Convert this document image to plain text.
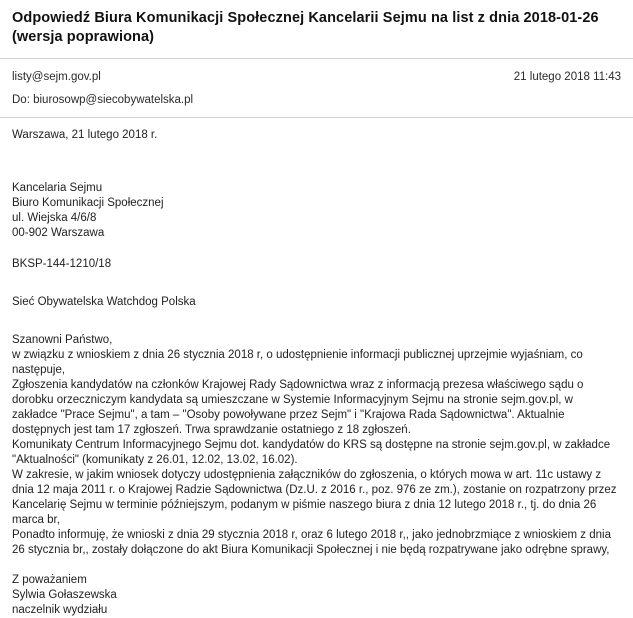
Odpowiedź Biura Komunikacji Społecznej Kancelarii Sejmu na list z dnia 2018-01-26 (wersja poprawiona)
listy@sejm.gov.pl	21 lutego 2018 11:43
Do: biurosowp@siecobywatelska.pl
Warszawa, 21 lutego 2018 r.
Kancelaria Sejmu
Biuro Komunikacji Społecznej
ul. Wiejska 4/6/8
00-902 Warszawa
BKSP-144-1210/18
Sieć Obywatelska Watchdog Polska
Szanowni Państwo,
w związku z wnioskiem z dnia 26 stycznia 2018 r, o udostępnienie informacji publicznej uprzejmie wyjaśniam, co następuje,
Zgłoszenia kandydatów na członków Krajowej Rady Sądownictwa wraz z informacją prezesa właściwego sądu o dorobku orzeczniczym kandydata są umieszczane w Systemie Informacyjnym Sejmu na stronie sejm.gov.pl, w zakładce "Prace Sejmu", a tam – "Osoby powoływane przez Sejm" i "Krajowa Rada Sądownictwa". Aktualnie dostępnych jest tam 17 zgłoszeń. Trwa sprawdzanie ostatniego z 18 zgłoszeń.
Komunikaty Centrum Informacyjnego Sejmu dot. kandydatów do KRS są dostępne na stronie sejm.gov.pl, w zakładce "Aktualności" (komunikaty z 26.01, 12.02, 13.02, 16.02).
W zakresie, w jakim wniosek dotyczy udostępnienia załączników do zgłoszenia, o których mowa w art. 11c ustawy z dnia 12 maja 2011 r. o Krajowej Radzie Sądownictwa (Dz.U. z 2016 r., poz. 976 ze zm.), zostanie on rozpatrzony przez Kancelarię Sejmu w terminie późniejszym, podanym w piśmie naszego biura z dnia 12 lutego 2018 r., tj. do dnia 26 marca br,
Ponadto informuję, że wnioski z dnia 29 stycznia 2018 r, oraz 6 lutego 2018 r,, jako jednobrzmiące z wnioskiem z dnia 26 stycznia br,, zostały dołączone do akt Biura Komunikacji Społecznej i nie będą rozpatrywane jako odrębne sprawy,
Z poważaniem
Sylwia Gołaszewska
naczelnik wydziału
